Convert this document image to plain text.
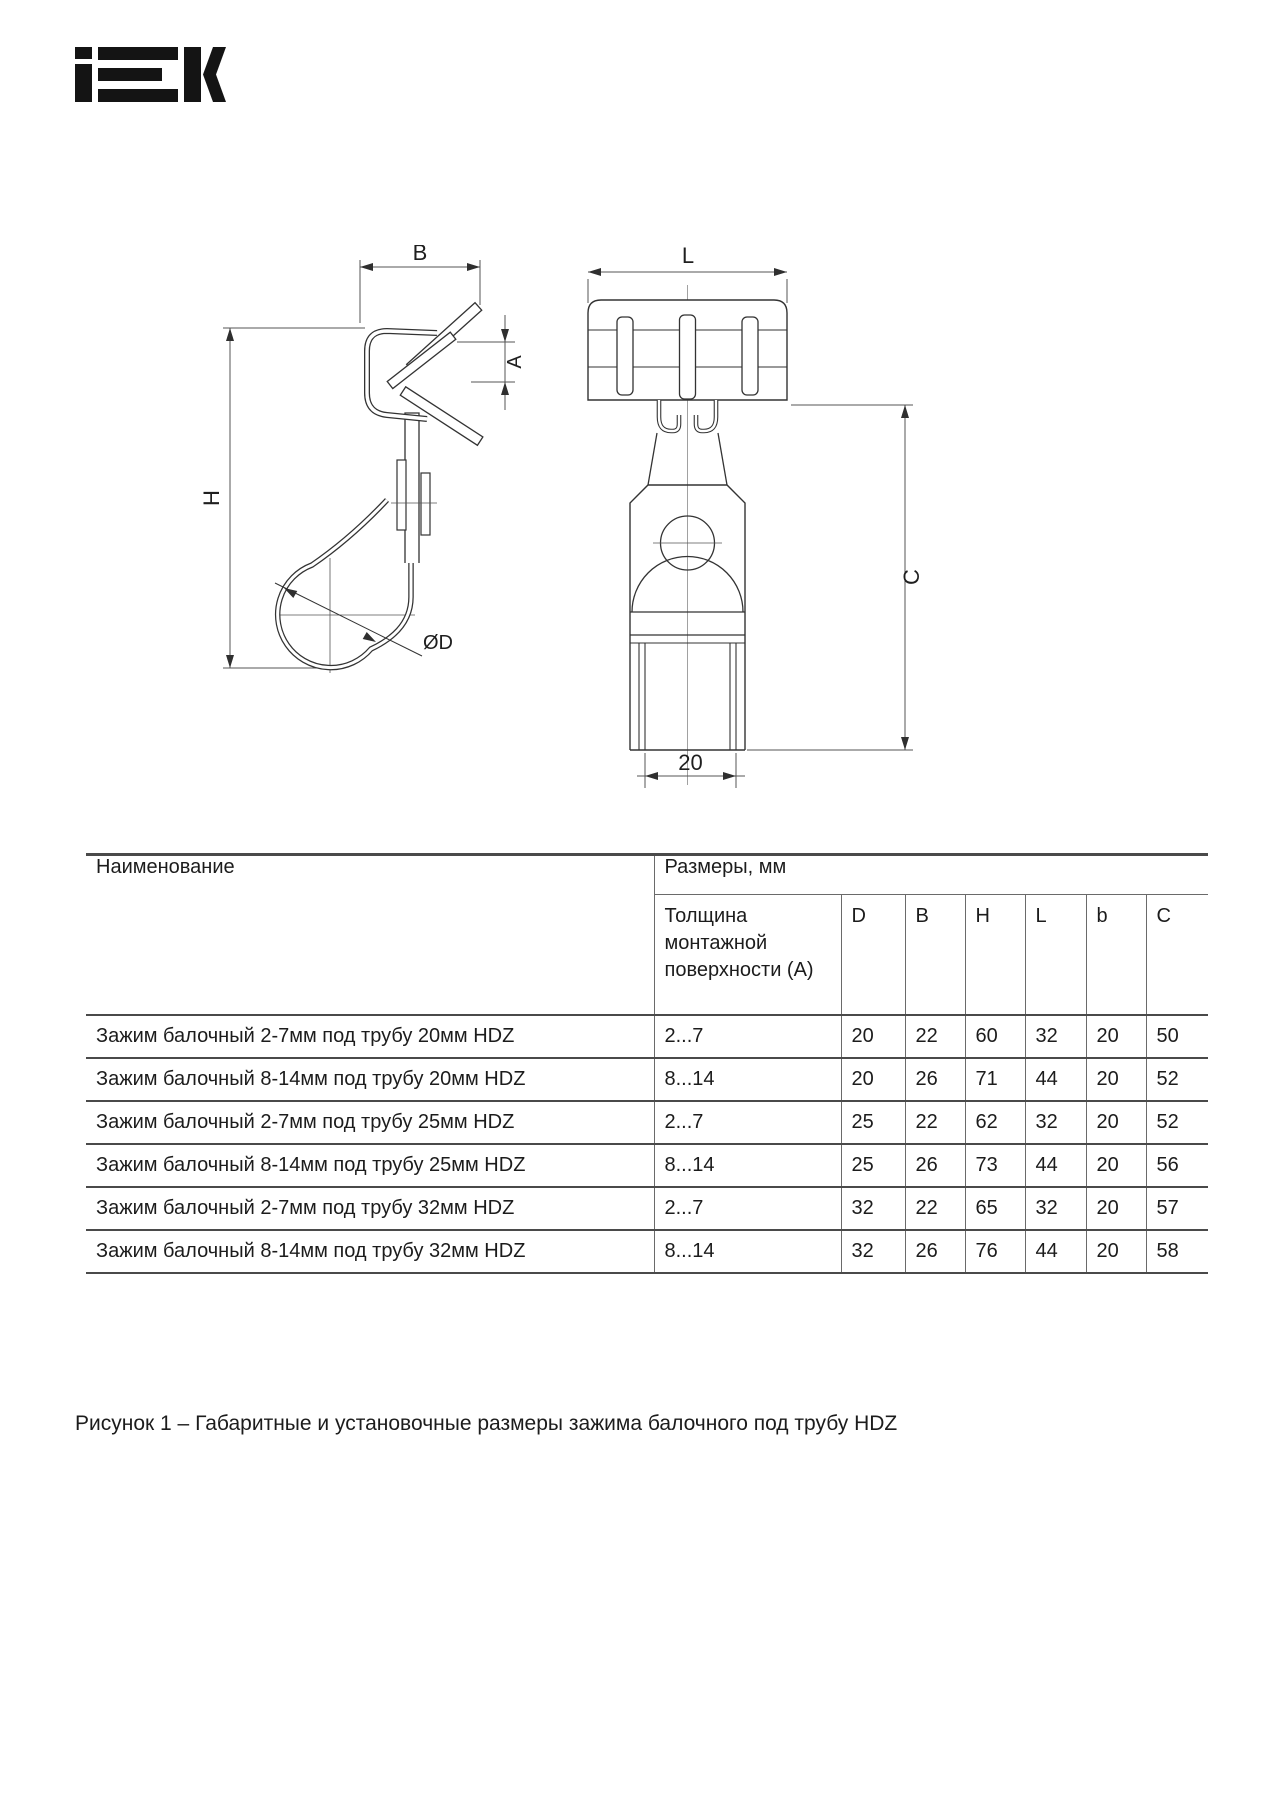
B
H
A
ØD
L
C
20
Наименование	Размеры, мм						
	Толщина монтажной поверхности (А)	D	B	H	L	b	C
Зажим балочный 2-7мм под трубу 20мм HDZ	2...7	20	22	60	32	20	50
Зажим балочный 8-14мм под трубу 20мм HDZ	8...14	20	26	71	44	20	52
Зажим балочный 2-7мм под трубу 25мм HDZ	2...7	25	22	62	32	20	52
Зажим балочный 8-14мм под трубу 25мм HDZ	8...14	25	26	73	44	20	56
Зажим балочный 2-7мм под трубу 32мм HDZ	2...7	32	22	65	32	20	57
Зажим балочный 8-14мм под трубу 32мм HDZ	8...14	32	26	76	44	20	58
Рисунок 1 – Габаритные и установочные размеры зажима балочного под трубу HDZ
